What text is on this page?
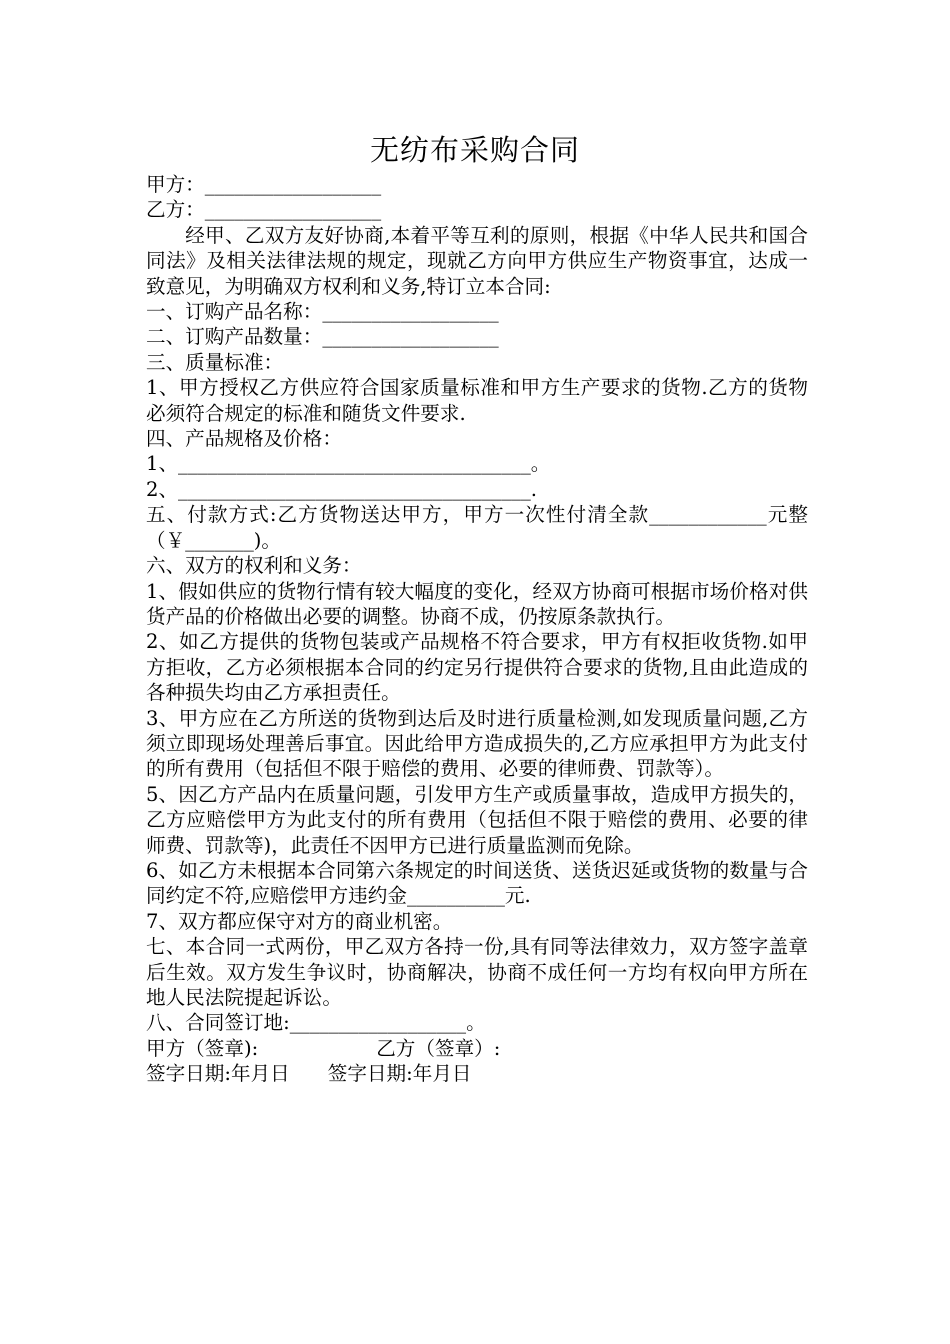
无纺布采购合同

甲方：__________________

乙方：__________________

经甲、乙双方友好协商,本着平等互利的原则，根据《中华人民共和国合同法》及相关法律法规的规定，现就乙方向甲方供应生产物资事宜，达成一致意见，为明确双方权利和义务,特订立本合同:

一、订购产品名称：__________________

二、订购产品数量：__________________

三、质量标准：

1、甲方授权乙方供应符合国家质量标准和甲方生产要求的货物.乙方的货物必须符合规定的标准和随货文件要求.

四、产品规格及价格：

1、____________________________________。

2、____________________________________.

五、付款方式:乙方货物送达甲方，甲方一次性付清全款____________元整（￥_______)。

六、双方的权利和义务：

1、假如供应的货物行情有较大幅度的变化，经双方协商可根据市场价格对供货产品的价格做出必要的调整。协商不成，仍按原条款执行。

2、如乙方提供的货物包装或产品规格不符合要求，甲方有权拒收货物.如甲方拒收，乙方必须根据本合同的约定另行提供符合要求的货物,且由此造成的各种损失均由乙方承担责任。

3、甲方应在乙方所送的货物到达后及时进行质量检测,如发现质量问题,乙方须立即现场处理善后事宜。因此给甲方造成损失的,乙方应承担甲方为此支付的所有费用（包括但不限于赔偿的费用、必要的律师费、罚款等）。

5、因乙方产品内在质量问题，引发甲方生产或质量事故，造成甲方损失的，乙方应赔偿甲方为此支付的所有费用（包括但不限于赔偿的费用、必要的律师费、罚款等)，此责任不因甲方已进行质量监测而免除。

6、如乙方未根据本合同第六条规定的时间送货、送货迟延或货物的数量与合同约定不符,应赔偿甲方违约金__________元.

7、双方都应保守对方的商业机密。

七、本合同一式两份，甲乙双方各持一份,具有同等法律效力，双方签字盖章后生效。双方发生争议时，协商解决，协商不成任何一方均有权向甲方所在地人民法院提起诉讼。

八、合同签订地:__________________。

甲方（签章):	乙方（签章）:

签字日期:年月日 签字日期:年月日
